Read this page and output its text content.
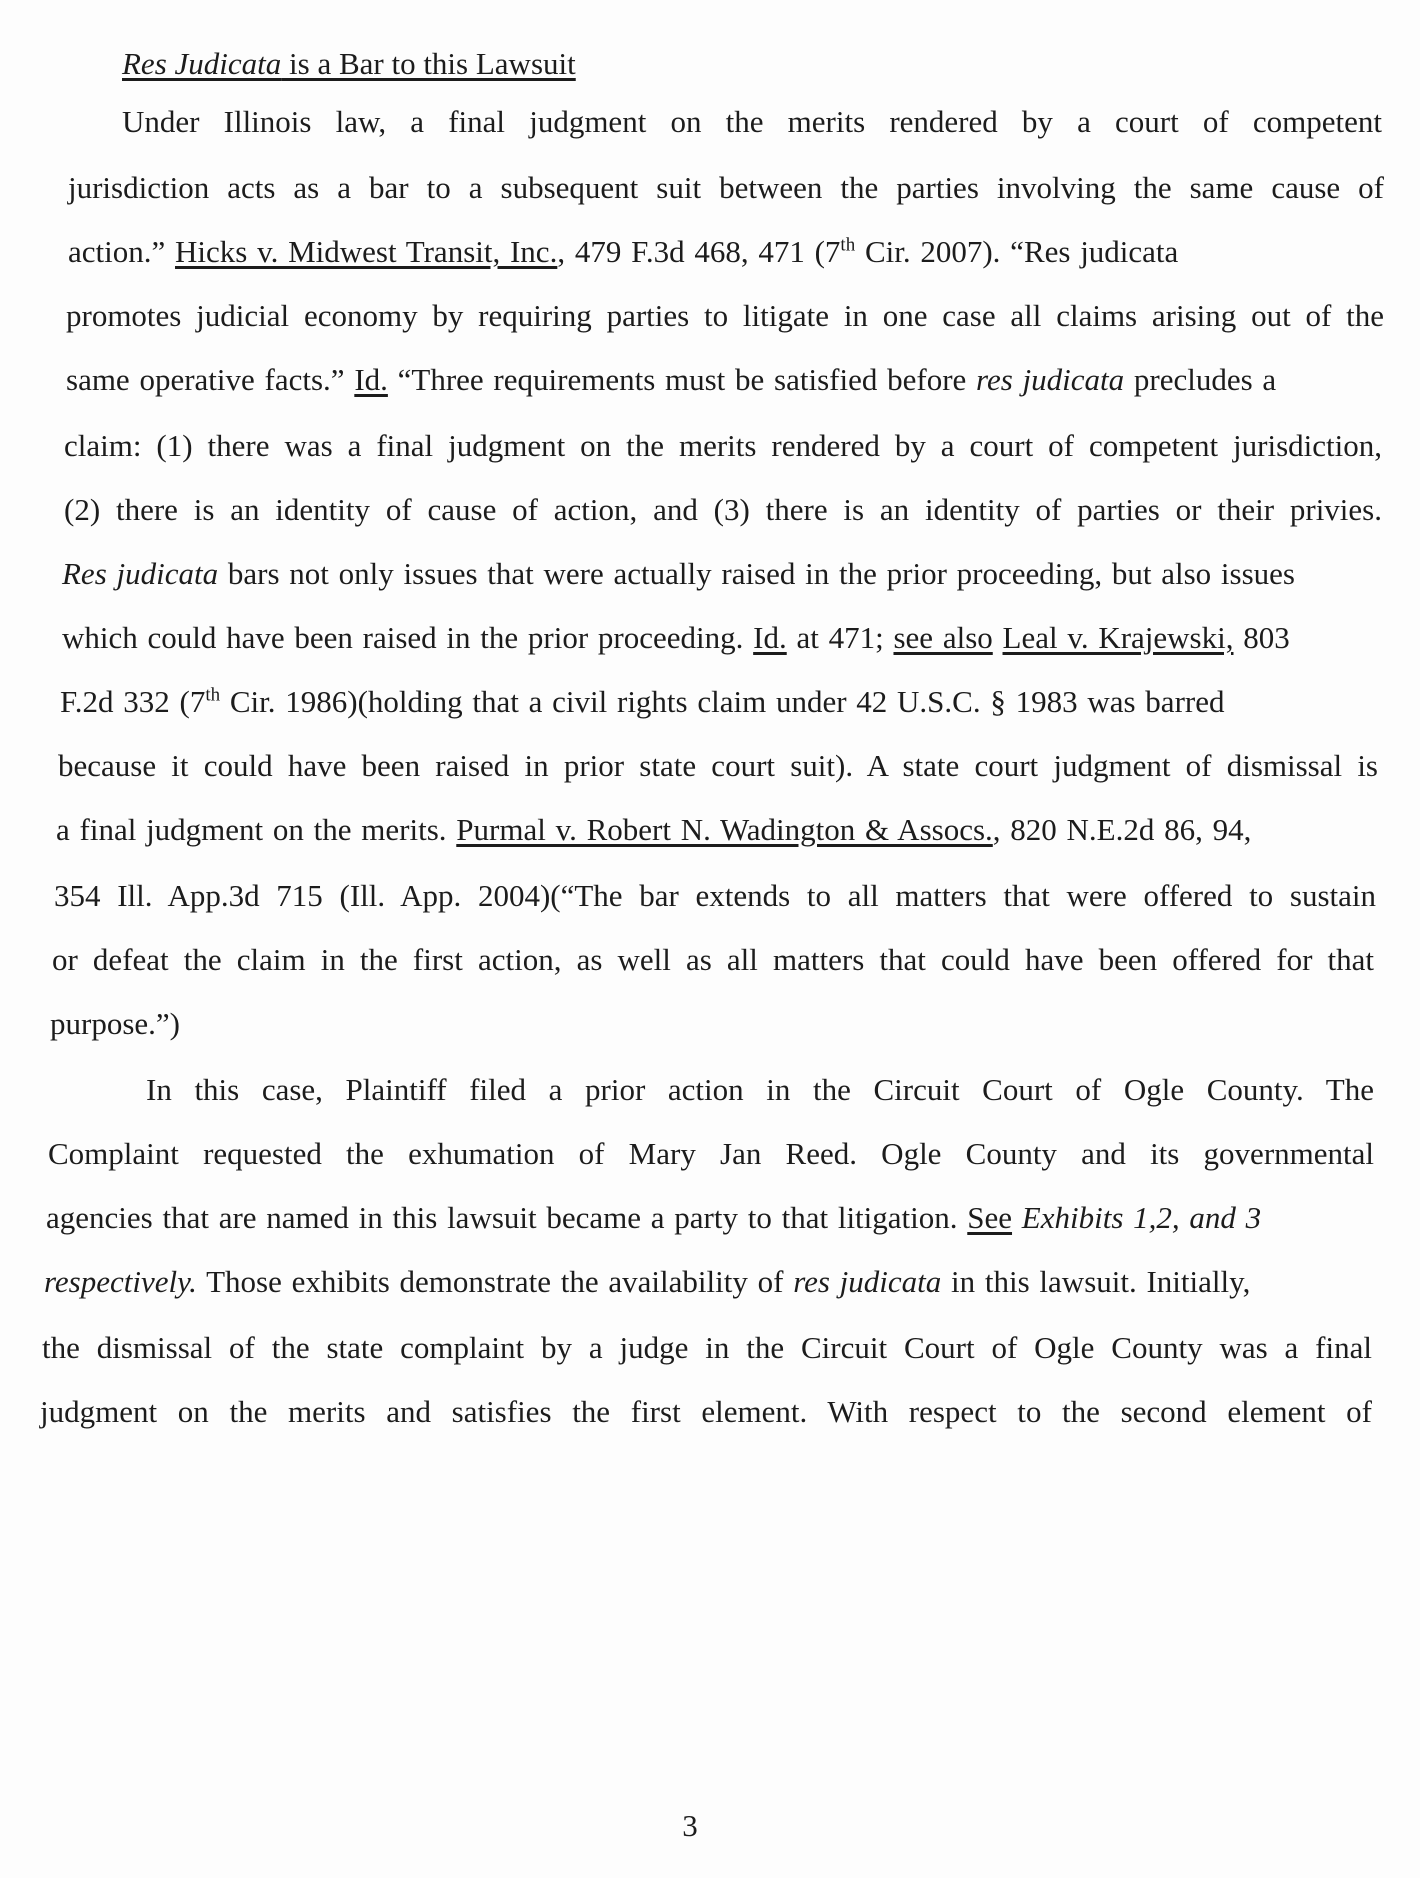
Res Judicata is a Bar to this Lawsuit
Under Illinois law, a final judgment on the merits rendered by a court of competent
jurisdiction acts as a bar to a subsequent suit between the parties involving the same cause of
action.” Hicks v. Midwest Transit, Inc., 479 F.3d 468, 471 (7th Cir. 2007). “Res judicata
promotes judicial economy by requiring parties to litigate in one case all claims arising out of the
same operative facts.” Id. “Three requirements must be satisfied before res judicata precludes a
claim: (1) there was a final judgment on the merits rendered by a court of competent jurisdiction,
(2) there is an identity of cause of action, and (3) there is an identity of parties or their privies.
Res judicata bars not only issues that were actually raised in the prior proceeding, but also issues
which could have been raised in the prior proceeding. Id. at 471; see also Leal v. Krajewski, 803
F.2d 332 (7th Cir. 1986)(holding that a civil rights claim under 42 U.S.C. § 1983 was barred
because it could have been raised in prior state court suit). A state court judgment of dismissal is
a final judgment on the merits. Purmal v. Robert N. Wadington & Assocs., 820 N.E.2d 86, 94,
354 Ill. App.3d 715 (Ill. App. 2004)(“The bar extends to all matters that were offered to sustain
or defeat the claim in the first action, as well as all matters that could have been offered for that
purpose.”)
In this case, Plaintiff filed a prior action in the Circuit Court of Ogle County. The
Complaint requested the exhumation of Mary Jan Reed. Ogle County and its governmental
agencies that are named in this lawsuit became a party to that litigation. See Exhibits 1,2, and 3
respectively. Those exhibits demonstrate the availability of res judicata in this lawsuit. Initially,
the dismissal of the state complaint by a judge in the Circuit Court of Ogle County was a final
judgment on the merits and satisfies the first element. With respect to the second element of
3
